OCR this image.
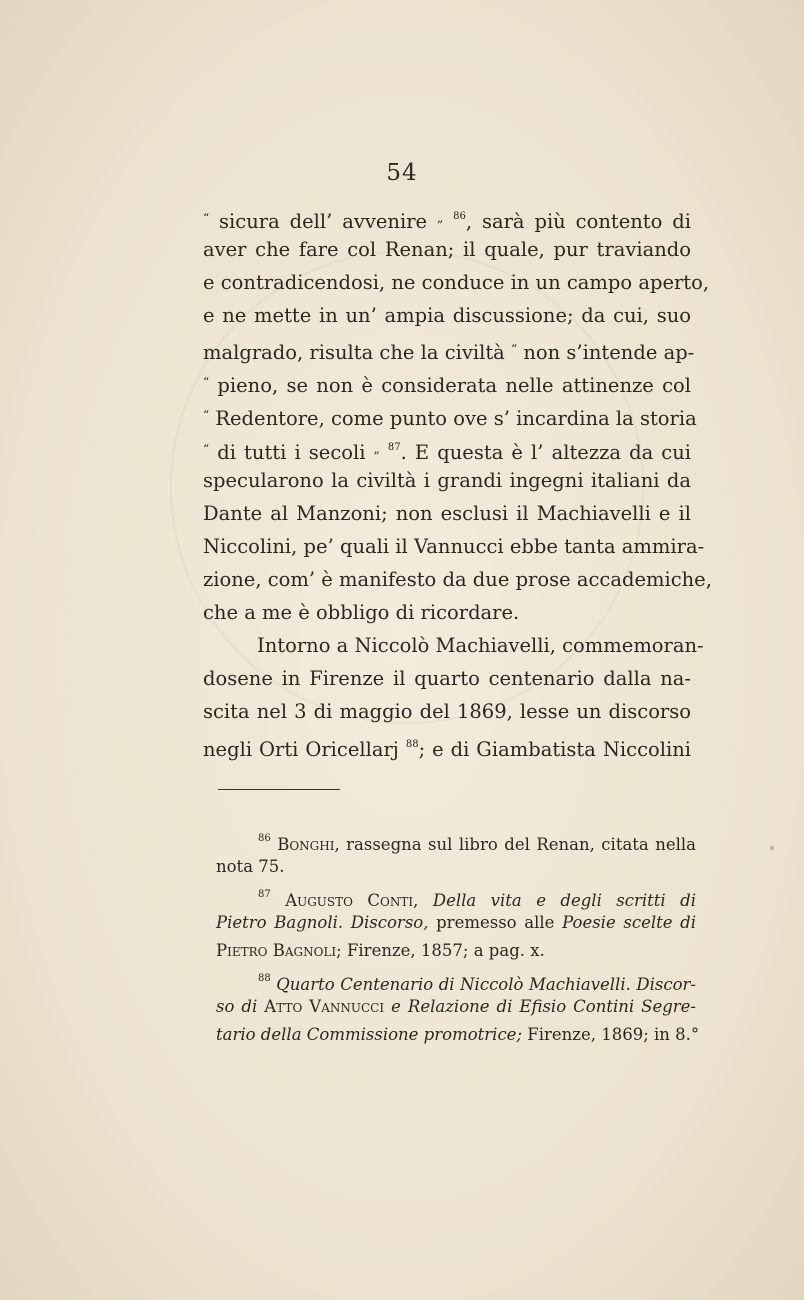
54
“ sicura dell’ avvenire „ $^{86}$, sarà più contento di
aver che fare col Renan; il quale, pur traviando
e contradicendosi, ne conduce in un campo aperto,
e ne mette in un’ ampia discussione; da cui, suo
malgrado, risulta che la civiltà “ non s’intende ap-
“ pieno, se non è considerata nelle attinenze col
“ Redentore, come punto ove s’ incardina la storia
“ di tutti i secoli „ $^{87}$. E questa è l’ altezza da cui
specularono la civiltà i grandi ingegni italiani da
Dante al Manzoni; non esclusi il Machiavelli e il
Niccolini, pe’ quali il Vannucci ebbe tanta ammira-
zione, com’ è manifesto da due prose accademiche,
che a me è obbligo di ricordare.
Intorno a Niccolò Machiavelli, commemoran-
dosene in Firenze il quarto centenario dalla na-
scita nel 3 di maggio del 1869, lesse un discorso
negli Orti Oricellarj $^{88}$; e di Giambatista Niccolini
$^{86}$ Bonghi, rassegna sul libro del Renan, citata nella
nota 75.
$^{87}$ Augusto Conti, Della vita e degli scritti di
Pietro Bagnoli. Discorso, premesso alle Poesie scelte di
Pietro Bagnoli; Firenze, 1857; a pag. x.
$^{88}$ Quarto Centenario di Niccolò Machiavelli. Discor-
so di Atto Vannucci e Relazione di Efisio Contini Segre-
tario della Commissione promotrice; Firenze, 1869; in 8.°
